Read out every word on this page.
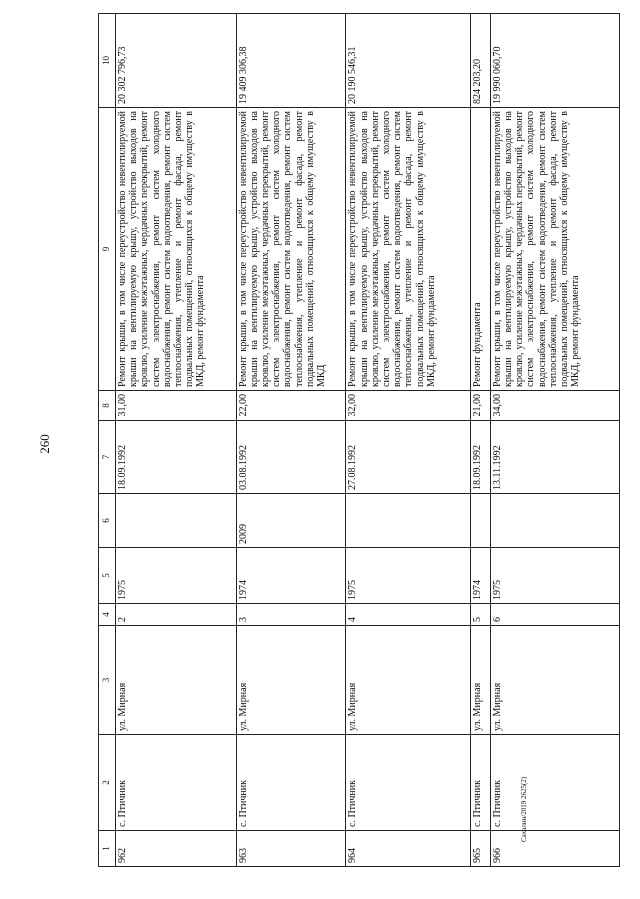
260
Сахалин/2019 2625(2)
1	2	3	4	5	6	7	8	9	10
962	с. Птичник	ул. Мирная	2	1975		18.09.1992	31,00	Ремонт крыши, в том числе переустройство невентилируемой крыши на вентилируемую крышу, устройство выходов на кровлю, усиление межэтажных, чердачных перекрытий, ремонт систем электроснабжения, ремонт систем холодного водоснабжения, ремонт систем водоотведения, ремонт систем теплоснабжения, утепление и ремонт фасада, ремонт подвальных помещений, относящихся к общему имуществу в МКД, ремонт фундамента	20 302 796,73
963	с. Птичник	ул. Мирная	3	1974	2009	03.08.1992	22,00	Ремонт крыши, в том числе переустройство невентилируемой крыши на вентилируемую крышу, устройство выходов на кровлю, усиление межэтажных, чердачных перекрытий, ремонт систем электроснабжения, ремонт систем холодного водоснабжения, ремонт систем водоотведения, ремонт систем теплоснабжения, утепление и ремонт фасада, ремонт подвальных помещений, относящихся к общему имуществу в МКД	19 409 306,38
964	с. Птичник	ул. Мирная	4	1975		27.08.1992	32,00	Ремонт крыши, в том числе переустройство невентилируемой крыши на вентилируемую крышу, устройство выходов на кровлю, усиление межэтажных, чердачных перекрытий, ремонт систем электроснабжения, ремонт систем холодного водоснабжения, ремонт систем водоотведения, ремонт систем теплоснабжения, утепление и ремонт фасада, ремонт подвальных помещений, относящихся к общему имуществу в МКД, ремонт фундамента	20 190 546,31
965	с. Птичник	ул. Мирная	5	1974		18.09.1992	21,00	Ремонт фундамента	824 203,20
966	с. Птичник	ул. Мирная	6	1975		13.11.1992	34,00	Ремонт крыши, в том числе переустройство невентилируемой крыши на вентилируемую крышу, устройство выходов на кровлю, усиление межэтажных, чердачных перекрытий, ремонт систем электроснабжения, ремонт систем холодного водоснабжения, ремонт систем водоотведения, ремонт систем теплоснабжения, утепление и ремонт фасада, ремонт подвальных помещений, относящихся к общему имуществу в МКД, ремонт фундамента	19 990 060,70
